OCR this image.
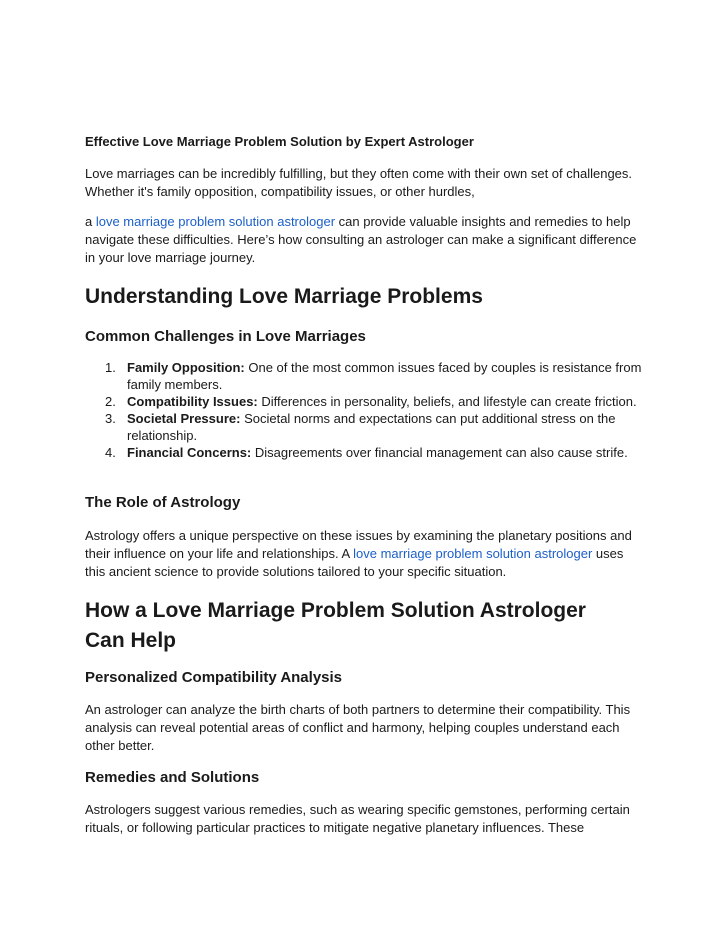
Effective Love Marriage Problem Solution by Expert Astrologer

Love marriages can be incredibly fulfilling, but they often come with their own set of challenges. Whether it's family opposition, compatibility issues, or other hurdles,

a love marriage problem solution astrologer can provide valuable insights and remedies to help navigate these difficulties. Here’s how consulting an astrologer can make a significant difference in your love marriage journey.

Understanding Love Marriage Problems
Common Challenges in Love Marriages
1. Family Opposition: One of the most common issues faced by couples is resistance from family members.
2. Compatibility Issues: Differences in personality, beliefs, and lifestyle can create friction.
3. Societal Pressure: Societal norms and expectations can put additional stress on the relationship.
4. Financial Concerns: Disagreements over financial management can also cause strife.
The Role of Astrology

Astrology offers a unique perspective on these issues by examining the planetary positions and their influence on your life and relationships. A love marriage problem solution astrologer uses this ancient science to provide solutions tailored to your specific situation.

How a Love Marriage Problem Solution Astrologer Can Help
Personalized Compatibility Analysis

An astrologer can analyze the birth charts of both partners to determine their compatibility. This analysis can reveal potential areas of conflict and harmony, helping couples understand each other better.

Remedies and Solutions

Astrologers suggest various remedies, such as wearing specific gemstones, performing certain rituals, or following particular practices to mitigate negative planetary influences. These
